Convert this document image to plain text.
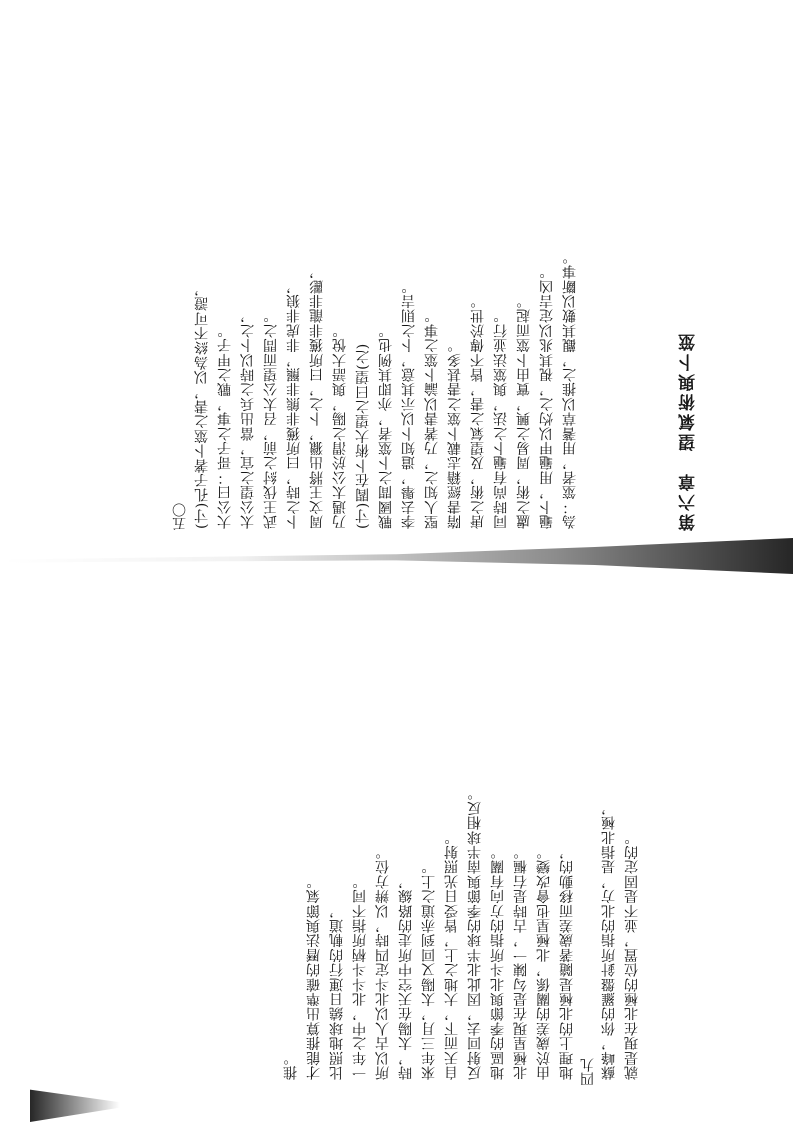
五〇	第六章　望氣術與卜筮
(寸)孔子著卜筮之書，以為終不可證， 大公曰：哥子之事，戰之甲子。 太公望之宜，當出兵之時以卜之， 武王伐紂之前，召太公望而問之。 卜之時，曰所獲非熊非羆，非虎非狼， 周文王將出獵，卜之，曰所獲非龍非彲， 乃遇太公於渭之陽，與語大悅。 (寸)閻在卜術大望之曰望(之) 戰國間之卜筮者，亦即其例也。 李去舉，遣知卜以示其意，卜之則吉。 堅人知之，乃著書以論卜筮之事。 隋書經籍志載卜筮之書甚多。 唐之術，及望氣之書，皆不傳於世。 同時尚有龜卜之法，與筮法並行。 盧之術，周易之興，實由卜筮而起。 龜卜，用龜甲以灼之，視其兆以定吉凶。 為：筮者，用蓍草以推之，觀其數以斷事。
四九 蘇峰，你的羅盤針所指的北方，是指北極， 就是現在北極的位置，並不是固定的。
地理上的北極是隨著歲差而移動的，
由於歲差的關係，北極星也會改變。
北極星現在是勾陳一，古時是右樞。
地區的季節與北斗所指的方向有關。
反射回去，因此北半球的季節與南半球相反。
自天而下，大地之上，皆受日光照射。
來年三月，太陽又回到赤道之上。
時，太陽在天空中所走的路線，
所以古人以北斗定四時，以辨方位。
一年之中，北斗斗柄所指不同。
比照地球繞日運行的軌道，
才能推算出準確的曆法與節氣。
推。
